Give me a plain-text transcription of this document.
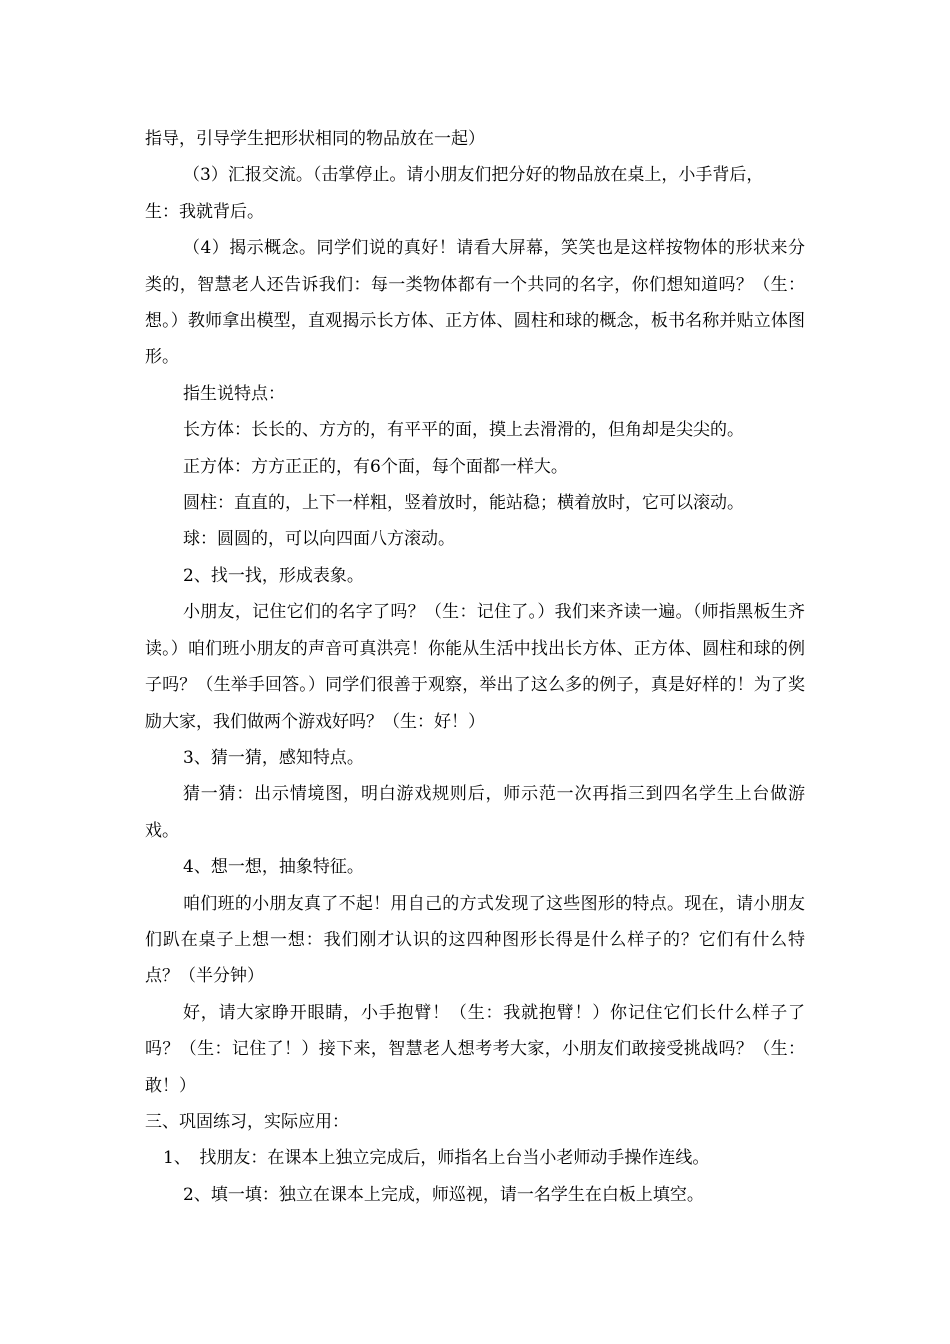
指导，引导学生把形状相同的物品放在一起）

（3）汇报交流。（击掌停止。请小朋友们把分好的物品放在桌上，小手背后，

生：我就背后。

（4）揭示概念。同学们说的真好！请看大屏幕，笑笑也是这样按物体的形状来分类的，智慧老人还告诉我们：每一类物体都有一个共同的名字，你们想知道吗？（生：想。）教师拿出模型，直观揭示长方体、正方体、圆柱和球的概念，板书名称并贴立体图形。

指生说特点：

长方体：长长的、方方的，有平平的面，摸上去滑滑的，但角却是尖尖的。

正方体：方方正正的，有6个面，每个面都一样大。

圆柱：直直的，上下一样粗，竖着放时，能站稳；横着放时，它可以滚动。

球：圆圆的，可以向四面八方滚动。

2、找一找，形成表象。

小朋友，记住它们的名字了吗？（生：记住了。）我们来齐读一遍。（师指黑板生齐读。）咱们班小朋友的声音可真洪亮！你能从生活中找出长方体、正方体、圆柱和球的例子吗？（生举手回答。）同学们很善于观察，举出了这么多的例子，真是好样的！为了奖励大家，我们做两个游戏好吗？（生：好！）

3、猜一猜，感知特点。

猜一猜：出示情境图，明白游戏规则后，师示范一次再指三到四名学生上台做游戏。

4、想一想，抽象特征。

咱们班的小朋友真了不起！用自己的方式发现了这些图形的特点。现在，请小朋友们趴在桌子上想一想：我们刚才认识的这四种图形长得是什么样子的？它们有什么特点？（半分钟）

好，请大家睁开眼睛，小手抱臂！（生：我就抱臂！）你记住它们长什么样子了吗？（生：记住了！）接下来，智慧老人想考考大家，小朋友们敢接受挑战吗？（生：敢！）

三、巩固练习，实际应用：

1、　找朋友：在课本上独立完成后，师指名上台当小老师动手操作连线。

2、填一填：独立在课本上完成，师巡视，请一名学生在白板上填空。
